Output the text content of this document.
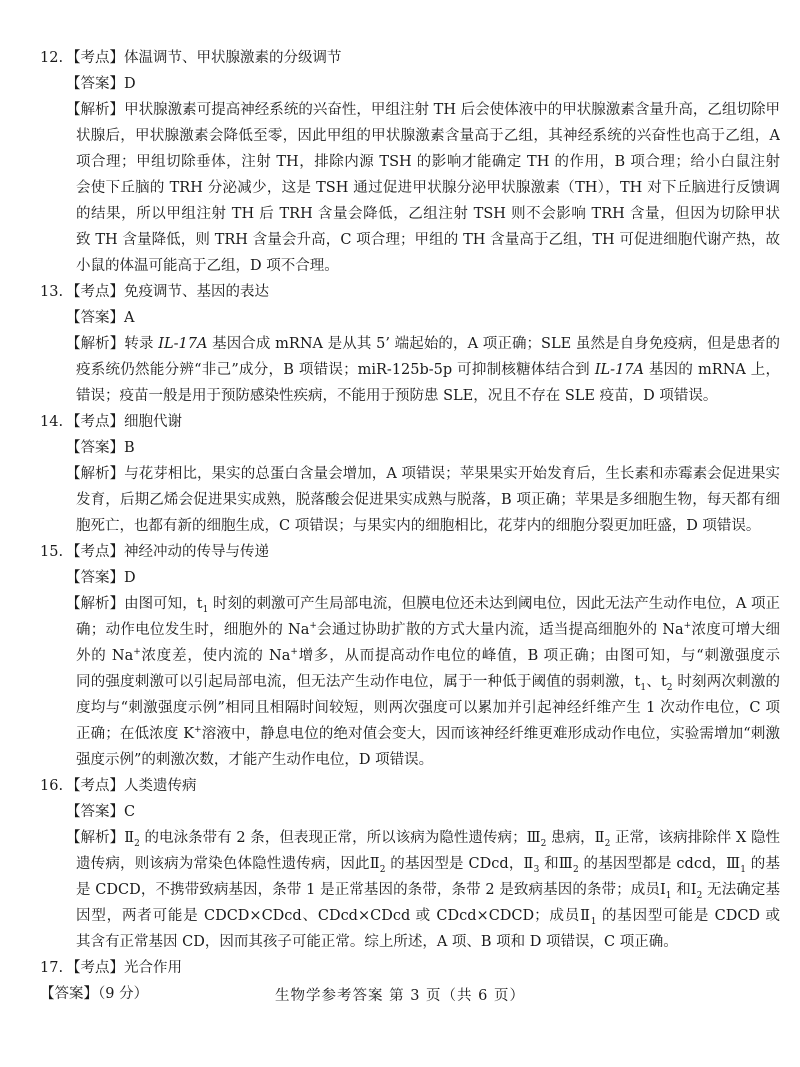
12. 【考点】体温调节、甲状腺激素的分级调节
【答案】D
【解析】甲状腺激素可提高神经系统的兴奋性，甲组注射 TH 后会使体液中的甲状腺激素含量升高，乙组切除甲
状腺后，甲状腺激素会降低至零，因此甲组的甲状腺激素含量高于乙组，其神经系统的兴奋性也高于乙组，A
项合理；甲组切除垂体，注射 TH，排除内源 TSH 的影响才能确定 TH 的作用，B 项合理；给小白鼠注射
会使下丘脑的 TRH 分泌减少，这是 TSH 通过促进甲状腺分泌甲状腺激素（TH），TH 对下丘脑进行反馈调
的结果，所以甲组注射 TH 后 TRH 含量会降低，乙组注射 TSH 则不会影响 TRH 含量，但因为切除甲状
致 TH 含量降低，则 TRH 含量会升高，C 项合理；甲组的 TH 含量高于乙组，TH 可促进细胞代谢产热，故
小鼠的体温可能高于乙组，D 项不合理。
13. 【考点】免疫调节、基因的表达
【答案】A
【解析】转录 IL-17A 基因合成 mRNA 是从其 5’ 端起始的，A 项正确；SLE 虽然是自身免疫病，但是患者的
疫系统仍然能分辨“非己”成分，B 项错误；miR-125b-5p 可抑制核糖体结合到 IL-17A 基因的 mRNA 上，
错误；疫苗一般是用于预防感染性疾病，不能用于预防患 SLE，况且不存在 SLE 疫苗，D 项错误。
14. 【考点】细胞代谢
【答案】B
【解析】与花芽相比，果实的总蛋白含量会增加，A 项错误；苹果果实开始发育后，生长素和赤霉素会促进果实
发育，后期乙烯会促进果实成熟，脱落酸会促进果实成熟与脱落，B 项正确；苹果是多细胞生物，每天都有细
胞死亡，也都有新的细胞生成，C 项错误；与果实内的细胞相比，花芽内的细胞分裂更加旺盛，D 项错误。
15. 【考点】神经冲动的传导与传递
【答案】D
【解析】由图可知，$t_1$ 时刻的刺激可产生局部电流，但膜电位还未达到阈电位，因此无法产生动作电位，A 项正
确；动作电位发生时，细胞外的 Na+会通过协助扩散的方式大量内流，适当提高细胞外的 Na+浓度可增大细
外的 Na+浓度差，使内流的 Na+增多，从而提高动作电位的峰值，B 项正确；由图可知，与“刺激强度示
同的强度刺激可以引起局部电流，但无法产生动作电位，属于一种低于阈值的弱刺激，$t_1$、$t_2$ 时刻两次刺激的
度均与“刺激强度示例”相同且相隔时间较短，则两次强度可以累加并引起神经纤维产生 1 次动作电位，C 项
正确；在低浓度 K+溶液中，静息电位的绝对值会变大，因而该神经纤维更难形成动作电位，实验需增加“刺激
强度示例”的刺激次数，才能产生动作电位，D 项错误。
16. 【考点】人类遗传病
【答案】C
【解析】$Ⅱ_2$ 的电泳条带有 2 条，但表现正常，所以该病为隐性遗传病；$Ⅲ_2$ 患病，$Ⅱ_2$ 正常，该病排除伴 X 隐性
遗传病，则该病为常染色体隐性遗传病，因此$Ⅱ_2$ 的基因型是 CDcd，$Ⅱ_3$ 和$Ⅲ_2$ 的基因型都是 cdcd，$Ⅲ_1$ 的基
是 CDCD，不携带致病基因，条带 1 是正常基因的条带，条带 2 是致病基因的条带；成员$Ⅰ_1$ 和$Ⅰ_2$ 无法确定基
因型，两者可能是 CDCD×CDcd、CDcd×CDcd 或 CDcd×CDCD；成员$Ⅱ_1$ 的基因型可能是 CDCD 或
其含有正常基因 CD，因而其孩子可能正常。综上所述，A 项、B 项和 D 项错误，C 项正确。
17. 【考点】光合作用
【答案】（9 分）	生物学参考答案 第 3 页（共 6 页）
